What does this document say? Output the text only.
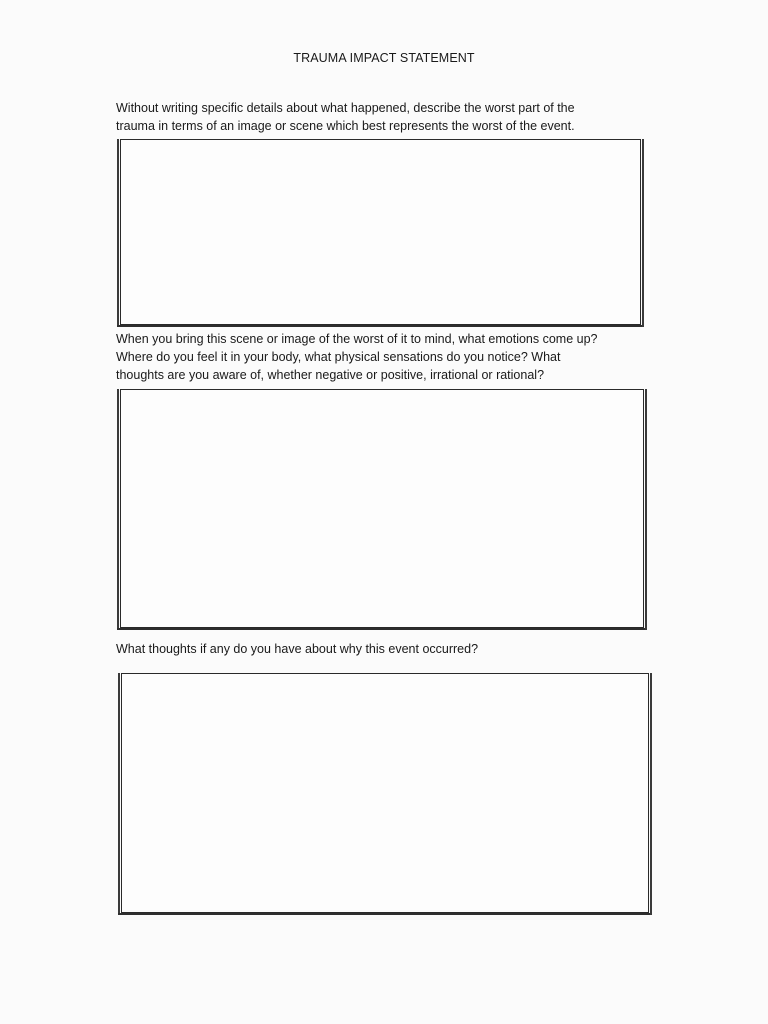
TRAUMA IMPACT STATEMENT
Without writing specific details about what happened, describe the worst part of the
trauma in terms of an image or scene which best represents the worst of the event.
When you bring this scene or image of the worst of it to mind, what emotions come up?
Where do you feel it in your body, what physical sensations do you notice? What
thoughts are you aware of, whether negative or positive, irrational or rational?
What thoughts if any do you have about why this event occurred?
